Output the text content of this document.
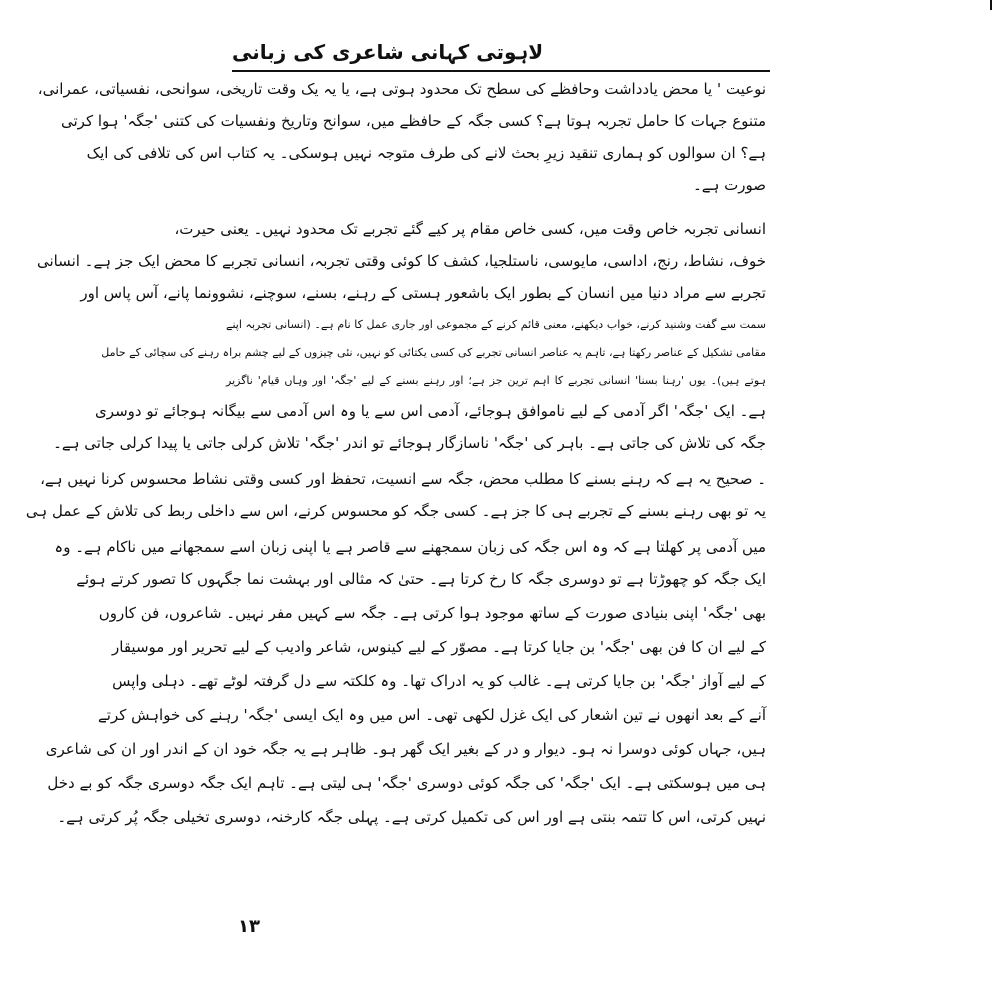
لاہوتی کہانی شاعری کی زبانی
نوعیت ' یا محض یادداشت وحافظے کی سطح تک محدود ہوتی ہے، یا یہ یک وقت تاریخی، سوانحی، نفسیاتی، عمرانی،
متنوع جہات کا حامل تجربہ ہوتا ہے؟ کسی جگہ کے حافظے میں، سوانح وتاریخ ونفسیات کی کتنی 'جگہ' ہوا کرتی
ہے؟ ان سوالوں کو ہماری تنقید زیرِ بحث لانے کی طرف متوجہ نہیں ہوسکی۔ یہ کتاب اس کی تلافی کی ایک
صورت ہے۔
انسانی تجربہ خاص وقت میں، کسی خاص مقام پر کیے گئے تجربے تک محدود نہیں۔ یعنی حیرت،
خوف، نشاط، رنج، اداسی، مایوسی، ناستلجیا، کشف کا کوئی وقتی تجربہ، انسانی تجربے کا محض ایک جز ہے۔ انسانی
تجربے سے مراد دنیا میں انسان کے بطور ایک باشعور ہستی کے رہنے، بسنے، سوچنے، نشوونما پانے، آس پاس اور
سمت سے گفت وشنید کرنے، خواب دیکھنے، معنی قائم کرنے کے مجموعی اور جاری عمل کا نام ہے۔ (انسانی تجربہ اپنے
مقامی تشکیل کے عناصر رکھتا ہے، تاہم یہ عناصر انسانی تجربے کی کسی یکتائی کو نہیں، نئی چیزوں کے لیے چشم براہ رہنے کی سچائی کے حامل
ہوتے ہیں)۔ یوں 'رہنا بسنا' انسانی تجربے کا اہم ترین جز ہے؛ اور رہنے بسنے کے لیے 'جگہ' اور وہاں قیام' ناگزیر
ہے۔ ایک 'جگہ' اگر آدمی کے لیے ناموافق ہوجائے، آدمی اس سے یا وہ اس آدمی سے بیگانہ ہوجائے تو دوسری
جگہ کی تلاش کی جاتی ہے۔ باہر کی 'جگہ' ناسازگار ہوجائے تو اندر 'جگہ' تلاش کرلی جاتی یا پیدا کرلی جاتی ہے۔
۔ صحیح یہ ہے کہ رہنے بسنے کا مطلب محض، جگہ سے انسیت، تحفظ اور کسی وقتی نشاط محسوس کرنا نہیں ہے،
یہ تو بھی رہنے بسنے کے تجربے ہی کا جز ہے۔ کسی جگہ کو محسوس کرنے، اس سے داخلی ربط کی تلاش کے عمل ہی
میں آدمی پر کھلتا ہے کہ وہ اس جگہ کی زبان سمجھنے سے قاصر ہے یا اپنی زبان اسے سمجھانے میں ناکام ہے۔ وہ
ایک جگہ کو چھوڑتا ہے تو دوسری جگہ کا رخ کرتا ہے۔ حتیٰ کہ مثالی اور بہشت نما جگہوں کا تصور کرتے ہوئے
بھی 'جگہ' اپنی بنیادی صورت کے ساتھ موجود ہوا کرتی ہے۔ جگہ سے کہیں مفر نہیں۔ شاعروں، فن کاروں
کے لیے ان کا فن بھی 'جگہ' بن جایا کرتا ہے۔ مصوّر کے لیے کینوس، شاعر وادیب کے لیے تحریر اور موسیقار
کے لیے آواز 'جگہ' بن جایا کرتی ہے۔ غالب کو یہ ادراک تھا۔ وہ کلکتہ سے دل گرفتہ لوٹے تھے۔ دہلی واپس
آنے کے بعد انھوں نے تین اشعار کی ایک غزل لکھی تھی۔ اس میں وہ ایک ایسی 'جگہ' رہنے کی خواہش کرتے
ہیں، جہاں کوئی دوسرا نہ ہو۔ دیوار و در کے بغیر ایک گھر ہو۔ ظاہر ہے یہ جگہ خود ان کے اندر اور ان کی شاعری
ہی میں ہوسکتی ہے۔ ایک 'جگہ' کی جگہ کوئی دوسری 'جگہ' ہی لیتی ہے۔ تاہم ایک جگہ دوسری جگہ کو بے دخل
نہیں کرتی، اس کا تتمہ بنتی ہے اور اس کی تکمیل کرتی ہے۔ پہلی جگہ کارخنہ، دوسری تخیلی جگہ پُر کرتی ہے۔
۱۳
